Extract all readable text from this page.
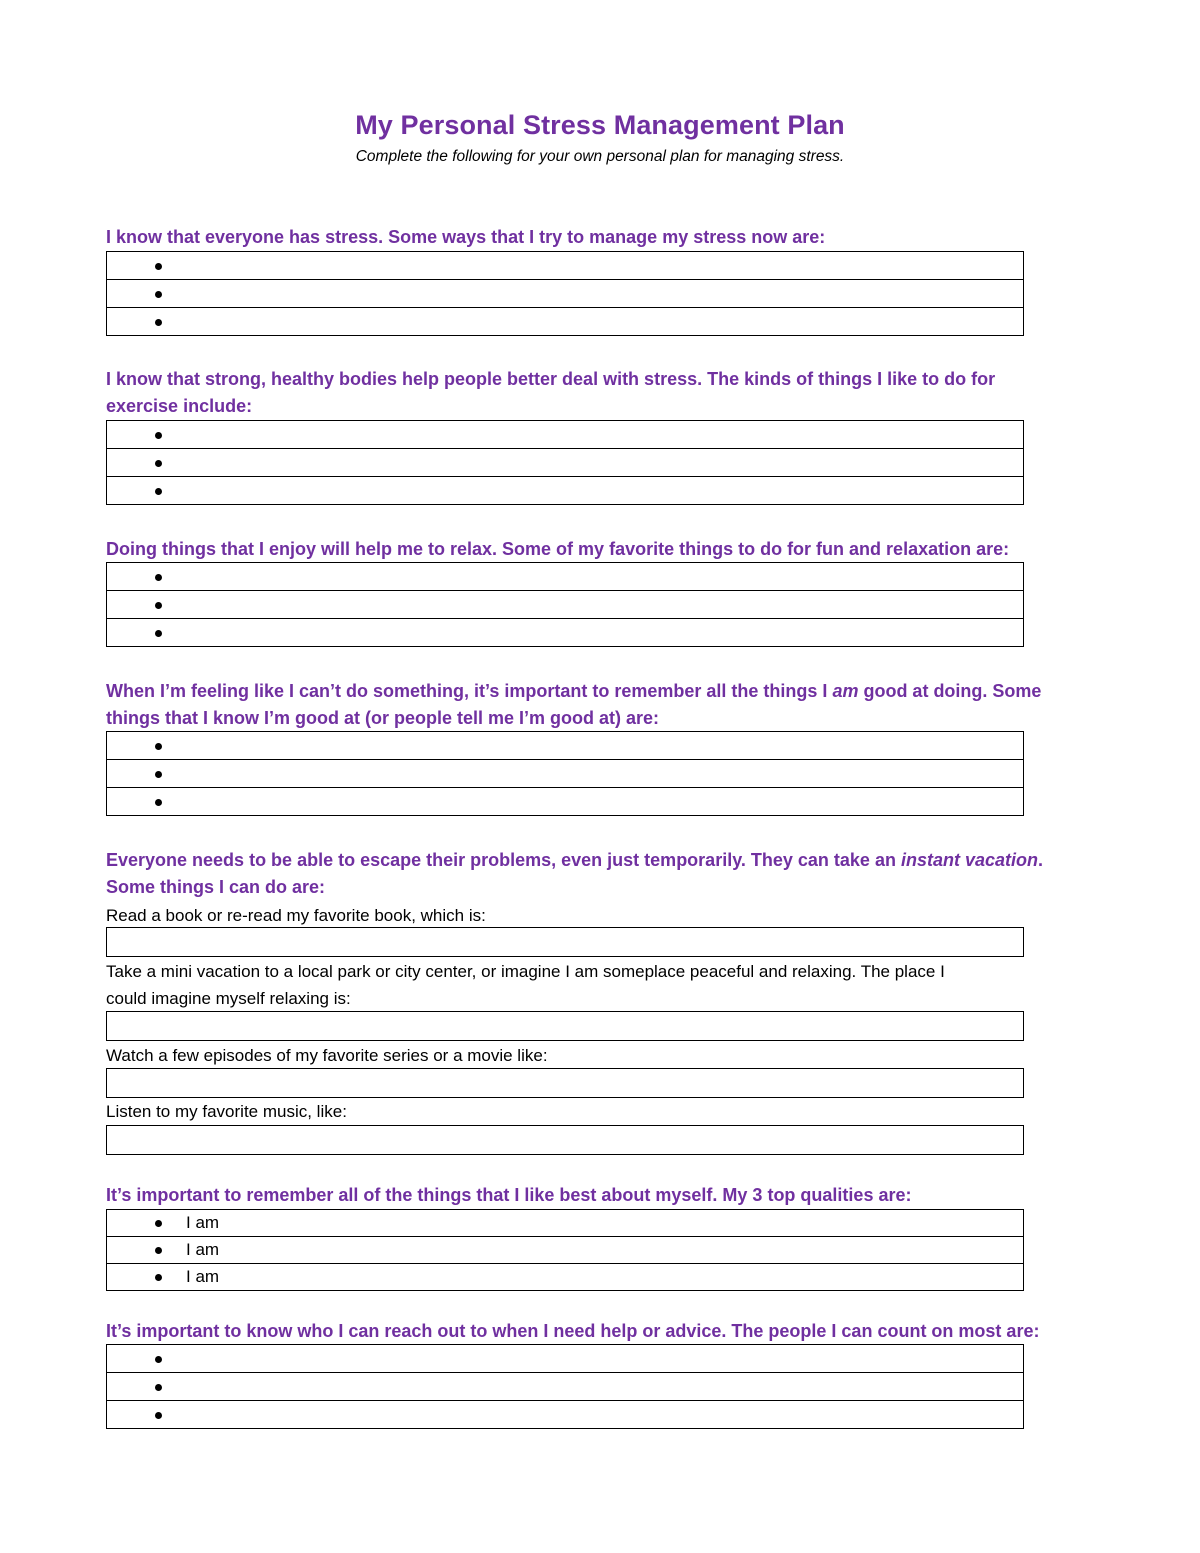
My Personal Stress Management Plan
Complete the following for your own personal plan for managing stress.
I know that everyone has stress. Some ways that I try to manage my stress now are:

I know that strong, healthy bodies help people better deal with stress. The kinds of things I like to do for
exercise include:

Doing things that I enjoy will help me to relax. Some of my favorite things to do for fun and relaxation are:

When I’m feeling like I can’t do something, it’s important to remember all the things I am good at doing. Some
things that I know I’m good at (or people tell me I’m good at) are:

Everyone needs to be able to escape their problems, even just temporarily. They can take an instant vacation.
Some things I can do are:
Read a book or re-read my favorite book, which is:
Take a mini vacation to a local park or city center, or imagine I am someplace peaceful and relaxing. The place I
could imagine myself relaxing is:
Watch a few episodes of my favorite series or a movie like:
Listen to my favorite music, like:
It’s important to remember all of the things that I like best about myself. My 3 top qualities are:
I am
I am
I am
It’s important to know who I can reach out to when I need help or advice. The people I can count on most are:
